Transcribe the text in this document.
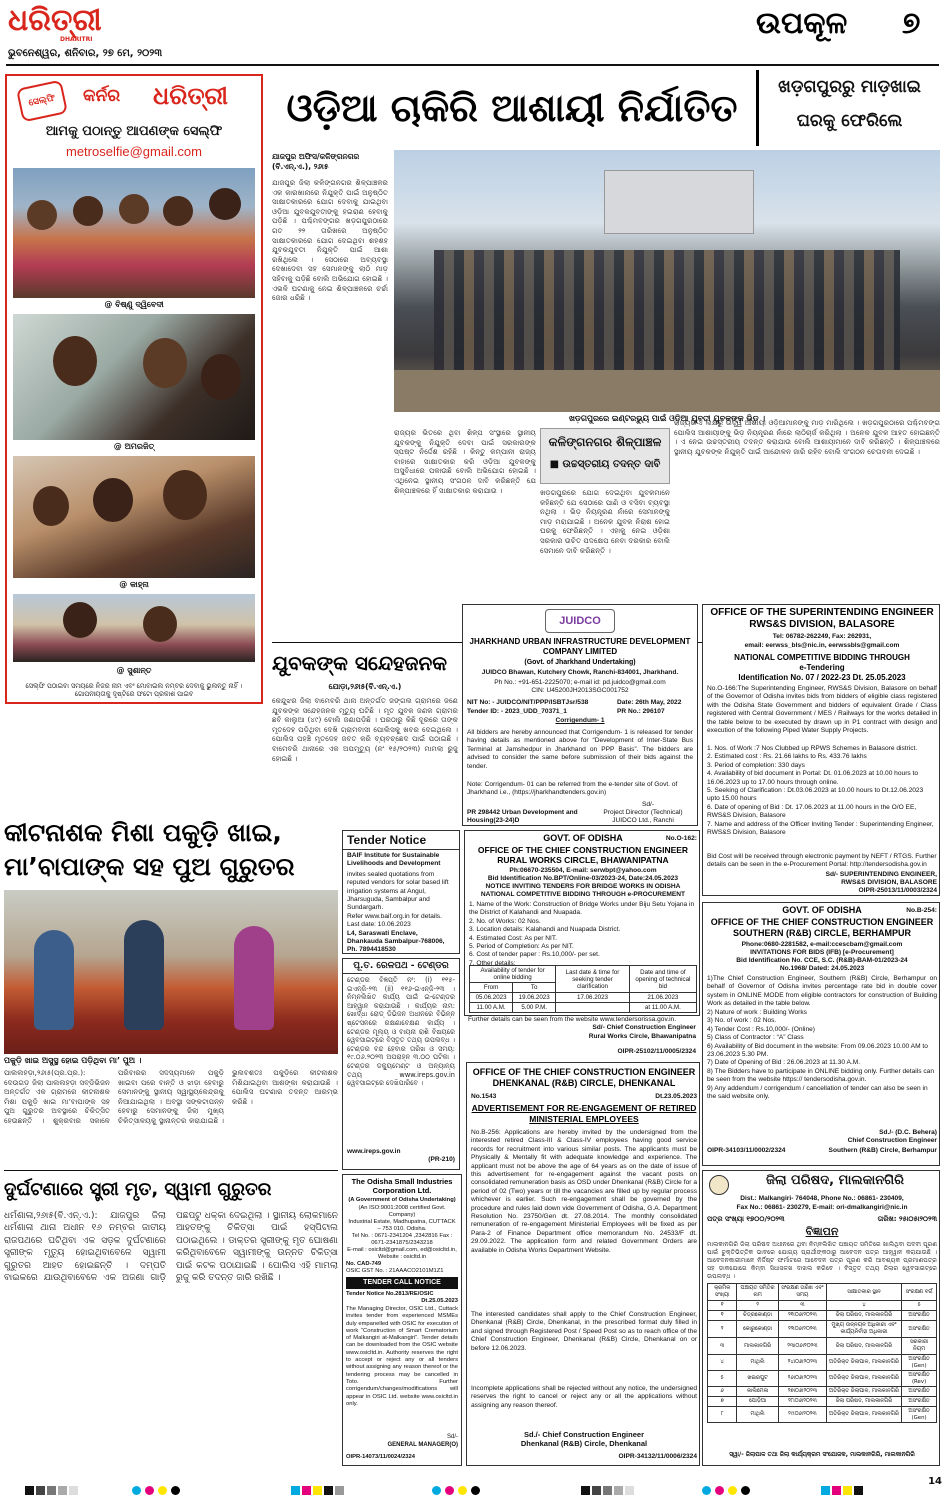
ଧରିତ୍ରୀ
DHARITRI
ଭୁବନେଶ୍ୱର, ଶନିବାର, ୨୭ ମେ, ୨୦୨୩
ଉପକୂଳ ୭
ସେଲ୍ଫି	କର୍ନର ଧରିତ୍ରୀ
ଆମକୁ ପଠାନ୍ତୁ ଆପଣଙ୍କ ସେଲ୍ଫି
metroselfie@gmail.com
@ ବିଷ୍ଣୁ ଦ୍ୱିବେଦୀ
@ ଅମରଜିତ୍
@ କାହ୍ନା
@ ସୁଶାନ୍ତ
ସେଲ୍ଫି ପଠାଇବା ସମୟରେ ନିଜର ନାମ ଏବଂ ମୋବାଇଲ ନମ୍ବର ଦେବାକୁ ଭୁଲନ୍ତୁ ନାହିଁ । ଗୋପନୀୟତାକୁ ଦୃଷ୍ଟିରେ ଫଟୋ ପ୍ରକାଶ ପାଇବ
ଓଡ଼ିଆ ଚାକିରି ଆଶାୟୀ ନିର୍ଯାତିତ	ଖଡ଼ଗପୁରରୁ ମାଡ଼ଖାଇ
ଘରକୁ ଫେରିଲେ
ଯାଜପୁର ଅଫିସ/କଳିଙ୍ଗନଗର (ବି.ଏନ୍.ଏ.), ୨୬ା୫
ଯାଜପୁର ଜିଲା କଳିଙ୍ଗନଗର ଶିଳ୍ପାଞ୍ଚଳର ଏକ କାରଖାନାରେ ନିଯୁକ୍ତି ପାଇଁ ଅନୁଷ୍ଠିତ ସାକ୍ଷାତକାରରେ ଯୋଗ ଦେବାକୁ ଯାଇଥିବା ଓଡ଼ିଆ ଯୁବକଯୁବତୀଙ୍କୁ ହଇରାଣ ହେବାକୁ ପଡ଼ିଛି । ପଶ୍ଚିମବଙ୍ଗର ଖଡ଼ଗପୁରଠାରେ ଗତ ୨୨ ତାରିଖରେ ଅନୁଷ୍ଠିତ ସାକ୍ଷାତକାରରେ ଯୋଗ ଦେଇଥିବା ଶହଶହ ଯୁବକଯୁବତୀ ନିଯୁକ୍ତି ପାଇଁ ଆଶା ରଖିଥିଲେ । ସେଠାରେ ଅବ୍ୟବସ୍ଥା ଦେଖାଦେବା ସହ ସେମାନଙ୍କୁ ଲାଠି ମାଡ଼ ସହିବାକୁ ପଡ଼ିଛି ବୋଲି ଅଭିଯୋଗ ହୋଇଛି । ଏଭଳି ଘଟଣାକୁ ନେଇ ଶିଳ୍ପାଞ୍ଚଳରେ ଚର୍ଚ୍ଚା ଜୋର ଧରିଛି ।
ଖଡ଼ଗପୁରରେ ଇଣ୍ଟରଭ୍ୟୁ ପାଇଁ ଓଡ଼ିଆ ଯୁବତୀ ଯୁବକଙ୍କ ଭିଡ଼ ।
ରାଜ୍ୟର ଭିତରେ ଥିବା ଶିଳ୍ପ ସଂସ୍ଥାରେ ସ୍ଥାନୀୟ ଯୁବକଙ୍କୁ ନିଯୁକ୍ତି ଦେବା ପାଇଁ ସରକାରଙ୍କ ସ୍ପଷ୍ଟ ନିର୍ଦ୍ଦେଶ ରହିଛି । କିନ୍ତୁ କମ୍ପାନୀ ରାଜ୍ୟ ବାହାରେ ସାକ୍ଷାତକାର କରି ଓଡ଼ିଆ ଯୁବକଙ୍କୁ ଅସୁବିଧାରେ ପକାଉଛି ବୋଲି ଅଭିଯୋଗ ହୋଇଛି । ଏଥିନେଇ ସ୍ଥାନୀୟ ସଂଗଠନ ଦାବି କରିଛନ୍ତି ଯେ ଶିଳ୍ପାଞ୍ଚଳରେ ହିଁ ସାକ୍ଷାତକାର କରାଯାଉ ।
କଳିଙ୍ଗନଗର ଶିଳ୍ପାଞ୍ଚଳ
■ ଉଚ୍ଚସ୍ତରୀୟ ତଦନ୍ତ ଦାବି
ଖଡ଼ଗପୁରରେ ଯୋଗ ଦେଇଥିବା ଯୁବକମାନେ କହିଛନ୍ତି ଯେ ସେଠାରେ ପାଣି ଓ ବସିବା ବ୍ୟବସ୍ଥା ନଥିଲା । ଭିଡ଼ ନିୟନ୍ତ୍ରଣ ନାଁରେ ସେମାନଙ୍କୁ ମାଡ଼ ମରାଯାଇଛି । ଅନେକ ଯୁବକ ନିରାଶ ହୋଇ ଘରକୁ ଫେରିଛନ୍ତି । ଏହାକୁ ନେଇ ଓଡ଼ିଶା ସରକାର ଉଚିତ ପଦକ୍ଷେପ ନେବା ଦରକାର ବୋଲି ସେମାନେ ଦାବି କରିଛନ୍ତି ।
ରାଜ୍ୟର ୪ ଲକ୍ଷରୁ ଊର୍ଦ୍ଧ୍ୱ ଆଶାୟୀ ଓଡ଼ିଆମାନଙ୍କୁ ମାଡ଼ ମାରିଥିଲେ । ଖଡ଼ଗପୁରଠାରେ ପଶ୍ଚିମବଙ୍ଗ ପୋଲିସ ଆଶାୟୀଙ୍କୁ ଭିଡ଼ ନିୟନ୍ତ୍ରଣ ନାଁରେ ଲାଠିଚାର୍ଜ କରିଥିଲା । ଅନେକ ଯୁବକ ଆହତ ହୋଇଛନ୍ତି । ଏ ନେଇ ଉଚ୍ଚସ୍ତରୀୟ ତଦନ୍ତ କରାଯାଉ ବୋଲି ଆଶାୟୀମାନେ ଦାବି କରିଛନ୍ତି । ଶିଳ୍ପାଞ୍ଚଳରେ ସ୍ଥାନୀୟ ଯୁବକଙ୍କ ନିଯୁକ୍ତି ପାଇଁ ଆନ୍ଦୋଳନ ଜାରି ରହିବ ବୋଲି ସଂଗଠନ ଚେତାବନୀ ଦେଇଛି ।
ଯୁବକଙ୍କ ସନ୍ଦେହଜନକ
ଯୋଡ଼ା,୨୬ା୫(ବି.ଏନ୍.ଏ.)
କେନ୍ଦୁଝର ଜିଲା ବାମେବରି ଥାନା ଅନ୍ତର୍ଗତ ଜଙ୍ଗଲ ଗ୍ରାମରେ ଜଣେ ଯୁବକଙ୍କ ସନ୍ଦେହଜନକ ମୃତ୍ୟୁ ଘଟିଛି । ମୃତ ଯୁବକ ଜଣକ ଗ୍ରାମର ଛବି କାଲୁଆ (୪୯) ବୋଲି ଜଣାପଡ଼ିଛି । ଘରଠାରୁ କିଛି ଦୂରରେ ତାଙ୍କ ମୃତଦେହ ପଡ଼ିଥିବା ଦେଖି ଗ୍ରାମବାସୀ ପୋଲିସକୁ ଖବର ଦେଇଥିଲେ । ପୋଲିସ ପହଞ୍ଚି ମୃତଦେହ ଜବତ କରି ବ୍ୟବଚ୍ଛେଦ ପାଇଁ ପଠାଇଛି । ବାମେବରି ଥାନାରେ ଏକ ଅପମୃତ୍ୟୁ (ନଂ ୧୫/୨୦୨୩) ମାମଲା ରୁଜୁ ହୋଇଛି ।
JUIDCO
JHARKHAND URBAN INFRASTRUCTURE DEVELOPMENT COMPANY LIMITED
(Govt. of Jharkhand Undertaking)
JUIDCO Bhawan, Kutchery Chowk, Ranchi-834001, Jharkhand.
Ph No.: +91-651-2225070; e-mail id: pd.juidco@gmail.com
CIN: U45200JH2013SGC001752
NIT No: - JUIDCO/NIT/PPP/ISBTJsr/538	Date: 26th May, 2022
Tender ID: - 2023_UDD_70371_1	PR No.: 296107
Corrigendum- 1
All bidders are hereby announced that Corrigendum- 1 is released for tender having details as mentioned above for “Development of Inter-State Bus Terminal at Jamshedpur in Jharkhand on PPP Basis”. The bidders are advised to consider the same before submission of their bids against the tender.
Note: Corrigendum- 01 can be referred from the e-tender site of Govt. of Jharkhand i.e., (https://jharkhandtenders.gov.in)
Sd/-
PR 298442 Urban Development and Housing(23-24)D
Project Director (Technical)
JUIDCO Ltd., Ranchi
OFFICE OF THE SUPERINTENDING ENGINEER RWS&S DIVISION, BALASORE
Tel: 06782-262249, Fax: 262931,
email: eerwss_bls@nic.in, eerwssbls@gmail.com
NATIONAL COMPETITIVE BIDDING THROUGH
e-Tendering
Identification No. 07 / 2022-23 Dt. 25.05.2023
No.O-166:The Superintending Engineer, RWS&S Division, Balasore on behalf of the Governor of Odisha invites bids from bidders of eligible class registered with the Odisha State Government and bidders of equivalent Grade / Class registered with Central Government / MES / Railways for the works detailed in the table below to be executed by drawn up in P1 contract with design and execution of the following Piped Water Supply Projects.
1. Nos. of Work :7 Nos Clubbed up RPWS Schemes in Balasore district.
2. Estimated cost : Rs. 21.66 lakhs to Rs. 433.76 lakhs
3. Period of completion: 330 days
4. Availability of bid document in Portal: Dt. 01.06.2023 at 10.00 hours to 16.06.2023 up to 17.00 hours through online.
5. Seeking of Clarification : Dt.03.06.2023 at 10.00 hours to Dt.12.06.2023 upto 15.00 hours
6. Date of opening of Bid : Dt. 17.06.2023 at 11.00 hours in the O/O EE, RWS&S Division, Balasore
7. Name and address of the Officer Inviting Tender : Superintending Engineer, RWS&S Division, Balasore
Bid Cost will be received through electronic payment by NEFT / RTGS. Further details can be seen in the e-Procurement Portal: http://tendersodisha.gov.in
Sd/- SUPERINTENDING ENGINEER,
RWS&S DIVISION, BALASORE
OIPR-25013/11/0003/2324
କୀଟନାଶକ ମିଶା ପକୁଡ଼ି ଖାଇ,
ମା’ବାପାଙ୍କ ସହ ପୁଅ ଗୁରୁତର
ପକୁଡ଼ି ଖାଇ ଅସୁସ୍ଥ ହୋଇ ପଡ଼ିଥିବା ମା’ ପୁଅ ।
ପାଲଲହଡ଼ା,୨୬ା୫(ପ୍ର.ପ୍ର.): ଦେଉଗଡ଼ ଜିଲା ପାଲଲହଡ଼ା ସବ୍‌ଡିଭିଜନ ଅନ୍ତର୍ଗତ ଏକ ଗ୍ରାମରେ କୀଟନାଶକ ମିଶା ପକୁଡ଼ି ଖାଇ ମା’ବାପାଙ୍କ ସହ ପୁଅ ଗୁରୁତର ଅବସ୍ଥାରେ ଚିକିତ୍ସିତ ହେଉଛନ୍ତି । ଶୁକ୍ରବାର ସକାଳେ ପରିବାରର ସଦସ୍ୟମାନେ ପକୁଡ଼ି ଖାଇବା ପରେ ବାନ୍ତି ଓ ଝାଡ଼ା ହେବାରୁ ସେମାନଙ୍କୁ ସ୍ଥାନୀୟ ସ୍ୱାସ୍ଥ୍ୟକେନ୍ଦ୍ରକୁ ନିଆଯାଇଥିଲା । ଅବସ୍ଥା ସଙ୍କଟାପନ୍ନ ହେବାରୁ ସେମାନଙ୍କୁ ଜିଲା ମୁଖ୍ୟ ଚିକିତ୍ସାଳୟକୁ ସ୍ଥାନାନ୍ତର କରାଯାଇଛି । ଭୁଲବଶତଃ ପକୁଡ଼ିରେ କୀଟନାଶକ ମିଶିଯାଇଥିବା ଆଶଙ୍କା କରାଯାଉଛି । ପୋଲିସ ଘଟଣାର ତଦନ୍ତ ଆରମ୍ଭ କରିଛି ।
Tender Notice
BAIF Institute for Sustainable Livelihoods and Development
invites sealed quotations from reputed vendors for solar based lift irrigation systems at Angul, Jharsuguda, Sambalpur and Sundargarh.
Refer www.baif.org.in for details.
Last date: 10.06.2023
L4, Saraswati Enclave, Dhankauda Sambalpur-768006, Ph. 7894418530
ପୂ.ତ. ରେଳପଥ - ଟେଣ୍ଡର
ଟେଣ୍ଡର ବିଜ୍ଞପ୍ତି ନଂ: (i) ୧୧୫-ଇଏନ୍‌ଜି-୨୩ (ii) ୧୧୬-ଇଏନ୍‌ଜି-୨୩ । ନିମ୍ନଲିଖିତ କାର୍ଯ୍ୟ ପାଇଁ ଇ-ଟେଣ୍ଡର ଆହ୍ୱାନ କରାଯାଉଛି । କାର୍ଯ୍ୟର ନାମ: ଖୋର୍ଦ୍ଧା ରୋଡ୍ ଡିଭିଜନ ଅଧୀନରେ ବିଭିନ୍ନ ଷ୍ଟେସନରେ ରକ୍ଷଣାବେକ୍ଷଣ କାର୍ଯ୍ୟ । ଟେଣ୍ଡର ମୂଲ୍ୟ ଓ ବାୟନା ରାଶି ବିଷୟରେ ୱେବସାଇଟ୍‌ରେ ବିସ୍ତୃତ ତଥ୍ୟ ଉପଲବ୍ଧ । ଟେଣ୍ଡର ବନ୍ଦ ହେବାର ତାରିଖ ଓ ସମୟ: ୧୯.୦୬.୨୦୨୩ ଅପରାହ୍ନ ୩.୦୦ ଘଟିକା । ଟେଣ୍ଡର ଡକ୍ୟୁମେଣ୍ଟ ଓ ଅନ୍ୟାନ୍ୟ ତଥ୍ୟ www.ireps.gov.in ୱେବସାଇଟ୍‌ରେ ଦେଖିପାରିବେ ।
www.ireps.gov.in
(PR-210)
GOVT. OF ODISHA	No.O-162:
OFFICE OF THE CHIEF CONSTRUCTION ENGINEER RURAL WORKS CIRCLE, BHAWANIPATNA
Ph:06670-235504, E-mail: serwbpt@yahoo.com
Bid Identification No.BPT/Online-03/2023-24, Date:24.05.2023
NOTICE INVITING TENDERS FOR BRIDGE WORKS IN ODISHA
NATIONAL COMPETITIVE BIDDING THROUGH e-PROCUREMENT
1. Name of the Work: Construction of Bridge Works under Biju Setu Yojana in the District of Kalahandi and Nuapada.
2. No. of Works: 02 Nos.
3. Location details: Kalahandi and Nuapada District.
4. Estimated Cost: As per NIT.
5. Period of Completion: As per NIT.
6. Cost of tender paper : Rs.10,000/- per set.
7. Other details:
Availability of tender for online bidding		Last date & time for seeking tender clarification	Date and time of opening of technical bid
From	To		
05.06.2023	19.06.2023	17.06.2023	21.06.2023
11.00 A.M.	5.00 P.M.		at 11.00 A.M.
Further details can be seen from the website www.tendersorissa.gov.in.
Sd/- Chief Construction Engineer
Rural Works Circle, Bhawanipatna
OIPR-25102/11/0005/2324
GOVT. OF ODISHA	No.B-254:
OFFICE OF THE CHIEF CONSTRUCTION ENGINEER SOUTHERN (R&B) CIRCLE, BERHAMPUR
Phone:0680-2281582, e-mail:ccescbam@gmail.com
INVITATIONS FOR BIDS (IFB) [e-Procurement]
Bid Identification No. CCE, S.C. (R&B)-BAM-01/2023-24
No.1968/ Dated: 24.05.2023
1)The Chief Construction Engineer, Southern (R&B) Circle, Berhampur on behalf of Governor of Odisha invites percentage rate bid in double cover system in ONLINE MODE from eligible contractors for construction of Building Work as detailed in the table below.
2) Nature of work : Building Works
3) No. of work : 02 Nos.
4) Tender Cost : Rs.10,000/- (Online)
5) Class of Contractor : “A” Class
6) Availability of Bid document in the website: From 09.06.2023 10.00 AM to 23.06.2023 5.30 PM.
7) Date of Opening of Bid : 26.06.2023 at 11.30 A.M.
8) The Bidders have to participate in ONLINE bidding only. Further details can be seen from the website https:// tendersodisha.gov.in.
9) Any addendum / corrigendum / cancellation of tender can also be seen in the said website only.
Sd./- (D.C. Behera)
Chief Construction Engineer
OIPR-34103/11/0002/2324	Southern (R&B) Circle, Berhampur
ଦୁର୍ଘଟଣାରେ ସ୍ତ୍ରୀ ମୃତ, ସ୍ୱାମୀ ଗୁରୁତର
ଧର୍ମଶାଳା,୨୬ା୫(ବି.ଏନ୍.ଏ.): ଯାଜପୁର ଜିଲା ଧର୍ମଶାଳା ଥାନା ଅଧୀନ ୧୬ ନମ୍ବର ଜାତୀୟ ରାଜପଥରେ ଘଟିଥିବା ଏକ ସଡ଼କ ଦୁର୍ଘଟଣାରେ ସ୍ତ୍ରୀଙ୍କ ମୃତ୍ୟୁ ହୋଇଥିବାବେଳେ ସ୍ୱାମୀ ଗୁରୁତର ଆହତ ହୋଇଛନ୍ତି । ଦମ୍ପତି ବାଇକରେ ଯାଉଥିବାବେଳେ ଏକ ଅଜଣା ଗାଡ଼ି ପଛପଟୁ ଧକ୍କା ଦେଇଥିଲା । ସ୍ଥାନୀୟ ଲୋକମାନେ ଆହତଙ୍କୁ ଚିକିତ୍ସା ପାଇଁ ହସ୍ପିଟାଲ ପଠାଇଥିଲେ । ଡାକ୍ତର ସ୍ତ୍ରୀଙ୍କୁ ମୃତ ଘୋଷଣା କରିଥିବାବେଳେ ସ୍ୱାମୀଙ୍କୁ ଉନ୍ନତ ଚିକିତ୍ସା ପାଇଁ କଟକ ପଠାଯାଇଛି । ପୋଲିସ ଏହି ମାମଲା ରୁଜୁ କରି ତଦନ୍ତ ଜାରି ରଖିଛି ।
The Odisha Small Industries Corporation Ltd.
(A Government of Odisha Undertaking)
(An ISO:9001:2008 certified Govt. Company)
Industrial Estate, Madhupatna, CUTTACK – 753 010. Odisha.
Tel No. : 0671-2341204 ,2342816 Fax : 0671-2341875/2343218
E-mail : osicltd@gmail.com, ed@osicltd.in, Website : osicltd.in
No. CAD-749
OSIC GST No. : 21AAACO2101M1Z1
TENDER CALL NOTICE
Tender Notice No.2813/RE/OSIC
Dt.25.05.2023
The Managing Director, OSIC Ltd., Cuttack invites tender from experienced MSMEs duly empanelled with OSIC for execution of work “Construction of Smart Crematorium of Malkangiri at-Malkangiri”. Tender details can be downloaded from the OSIC website www.osicltd.in. Authority reserves the right to accept or reject any or all tenders without assigning any reason thereof or the tendering process may be cancelled in Toto. Further corrigendum/changes/modifications will appear in OSIC Ltd. website www.osicltd.in only.
Sd/-
GENERAL MANAGER(O)
OIPR-14073/11/0024/2324
OFFICE OF THE CHIEF CONSTRUCTION ENGINEER DHENKANAL (R&B) CIRCLE, DHENKANAL
No.1543	Dt.23.05.2023
ADVERTISEMENT FOR RE-ENGAGEMENT OF RETIRED MINISTERIAL EMPLOYEES
No.B-256: Applications are hereby invited by the undersigned from the interested retired Class-III & Class-IV employees having good service records for recruitment into various similar posts. The applicants must be Physically & Mentally fit with adequate knowledge and experience. The applicant must not be above the age of 64 years as on the date of issue of this advertisement for re-engagement against the vacant posts on consolidated remuneration basis as OSD under Dhenkanal (R&B) Circle for a period of 02 (Two) years or till the vacancies are filled up by regular process whichever is earlier. Such re-engagement shall be governed by the procedure and rules laid down vide Government of Odisha, G.A. Department Resolution No. 23750/Gen dt. 27.08.2014. The monthly consolidated remuneration of re-engagement Ministerial Employees will be fixed as per Para-2 of Finance Department office memorandum No. 24533/F dt. 29.09.2022. The application form and related Government Orders are available in Odisha Works Department Website.
The interested candidates shall apply to the Chief Construction Engineer, Dhenkanal (R&B) Circle, Dhenkanal, in the prescribed format duly filled in and signed through Registered Post / Speed Post so as to reach office of the Chief Construction Engineer, Dhenkanal (R&B) Circle, Dhenkanal on or before 12.06.2023.
Incomplete applications shall be rejected without any notice, the undersigned reserves the right to cancel or reject any or all the applications without assigning any reason thereof.
Sd./- Chief Construction Engineer
Dhenkanal (R&B) Circle, Dhenkanal
OIPR-34132/11/0006/2324
ଜିଲା ପରିଷଦ, ମାଲକାନଗିରି
Dist.: Malkangiri- 764048, Phone No.: 06861- 230409,
Fax No.: 06861- 230279, E-mail: ori-dmalkangiri@nic.in
ପତ୍ର ସଂଖ୍ୟା ୧୭୦୦/୨୦୨୩	ତାରିଖ: ୨୫ା୦୫ା୨୦୨୩
ବିଜ୍ଞାପନ
ମାଲକାନଗିରି ଜିଲା ପରିଷଦ ଅଧୀନରେ ଥିବା ନିମ୍ନଲିଖିତ ପଞ୍ଚାୟତ ସମିତିରେ ଖାଲିଥିବା ପଦବୀ ପୂରଣ ପାଇଁ ଚୁକ୍ତିଭିତ୍ତିକ ଭାବରେ ଯୋଗ୍ୟ ପ୍ରାର୍ଥୀଙ୍କଠାରୁ ଆବେଦନ ପତ୍ର ଆହ୍ୱାନ କରାଯାଉଛି । ଆବେଦନକାରୀମାନେ ନିର୍ଦ୍ଦିଷ୍ଟ ଫର୍ମାଟରେ ଆବେଦନ ପତ୍ର ପୂରଣ କରି ଆବଶ୍ୟକ ପ୍ରମାଣପତ୍ର ସହ ଡାକଯୋଗେ କିମ୍ବା ସିଧାସଳଖ ଦାଖଲ କରିବେ । ବିସ୍ତୃତ ତଥ୍ୟ ଜିଲାର ୱେବସାଇଟ୍‌ରେ ଉପଲବ୍ଧ ।
କ୍ରମିକ ସଂଖ୍ୟା	ପଞ୍ଚାୟତ ସମିତିର ନାମ	ସଂରକ୍ଷଣ ତାରିଖ ଏବଂ ସମୟ	ସାକ୍ଷାତକାର ସ୍ଥାନ	ସଂରକ୍ଷଣ ବର୍ଗ
୧	୨	୩	୪	୫
୧	ଚିତ୍ରକୋଣ୍ଡା	୨୧ା୦୬ା୨୦୨୩	ଜିଲା ପରିଷଦ, ମାଲକାନଗିରି	ଅସଂରକ୍ଷିତ
୨	କୋରୁକୋଣ୍ଡା	୨୨ା୦୬ା୨୦୨୩	ମୁଖ୍ୟ ଉନ୍ନୟନ ଅଧିକାରୀ ଏବଂ କାର୍ଯ୍ୟନିର୍ବାହୀ ଅଧିକାରୀ	ଅସଂରକ୍ଷିତ
୩	ମାଲକାନଗିରି	୨୩ା୦୬ା୨୦୨୩	ଜିଲା ପରିଷଦ, ମାଲକାନଗିରି	ସରକାରୀ ନିୟମ
୪	ମାଥିଲି	୨୪ା୦୬ା୨୦୨୩	ଅତିରିକ୍ତ ଜିଲାପାଳ, ମାଲକାନଗିରି	ଅସଂରକ୍ଷିତ (Gen)
୫	ଖଇରପୁଟ	୨୬ା୦୬ା୨୦୨୩	ଅତିରିକ୍ତ ଜିଲାପାଳ, ମାଲକାନଗିରି	ଅସଂରକ୍ଷିତ (Rev)
୬	କାଲିମେଳା	୨୭ା୦୬ା୨୦୨୩	ଅତିରିକ୍ତ ଜିଲାପାଳ, ମାଲକାନଗିରି	ଅସଂରକ୍ଷିତ
୭	ପୋଡ଼ିଆ	୨୮ା୦୬ା୨୦୨୩	ଜିଲା ପରିଷଦ, ମାଲକାନଗିରି	ଅସଂରକ୍ଷିତ
୮	ମାଥିଲି	୨୯ା୦୬ା୨୦୨୩	ଅତିରିକ୍ତ ଜିଲାପାଳ, ମାଲକାନଗିରି	ଅସଂରକ୍ଷିତ (Gen)
ସ୍ୱା/- ଜିଲାପାଳ ତଥା ଜିଲା କାର୍ଯ୍ୟକ୍ରମ ସଂଯୋଜକ, ମାଲକାନଗିରି, ମାଲକାନଗିରି
14
